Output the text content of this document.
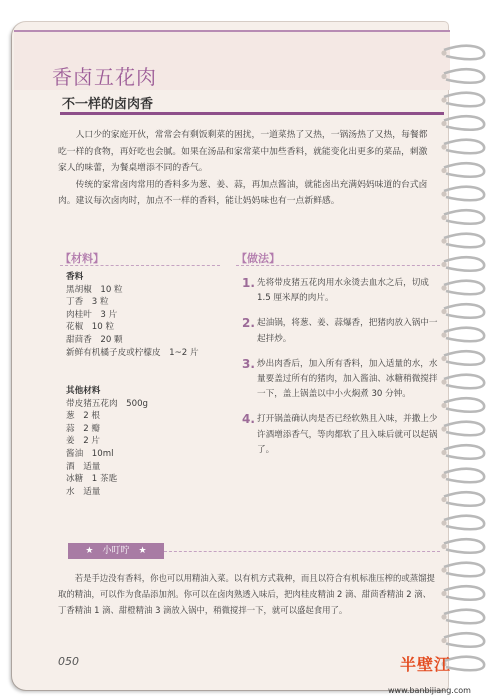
香卤五花肉
不一样的卤肉香

人口少的家庭开伙，常常会有剩饭剩菜的困扰，一道菜热了又热，一锅汤热了又热，每餐都吃一样的食物，再好吃也会腻。如果在汤品和家常菜中加些香料，就能变化出更多的菜品，刺激家人的味蕾，为餐桌增添不同的香气。

传统的家常卤肉常用的香料多为葱、姜、蒜，再加点酱油，就能卤出充满妈妈味道的台式卤肉。建议每次卤肉时，加点不一样的香料，能让妈妈味也有一点新鲜感。

【材料】
香料
黑胡椒　10 粒
丁香　3 粒
肉桂叶　3 片
花椒　10 粒
甜茴香　20 颗
新鲜有机橘子皮或柠檬皮　1~2 片
其他材料
带皮猪五花肉　500g
葱　2 根
蒜　2 瓣
姜　2 片
酱油　10ml
酒　适量
冰糖　1 茶匙
水　适量
【做法】
1. 先将带皮猪五花肉用水汆烫去血水之后，切成 1.5 厘米厚的肉片。
2. 起油锅，将葱、姜、蒜爆香，把猪肉放入锅中一起拌炒。
3. 炒出肉香后，加入所有香料，加入适量的水，水量要盖过所有的猪肉，加入酱油、冰糖稍微搅拌一下，盖上锅盖以中小火焖煮 30 分钟。
4. 打开锅盖确认肉是否已经软熟且入味，并撒上少许酒增添香气，等肉都软了且入味后就可以起锅了。
★　小叮咛　★

若是手边没有香料，你也可以用精油入菜。以有机方式栽种，而且以符合有机标准压榨的或蒸馏提取的精油，可以作为食品添加剂。你可以在卤肉熟透入味后，把肉桂皮精油 2 滴、甜茴香精油 2 滴、丁香精油 1 滴、甜橙精油 3 滴放入锅中，稍微搅拌一下，就可以盛起食用了。

050	半壁江
www.banbijiang.com
